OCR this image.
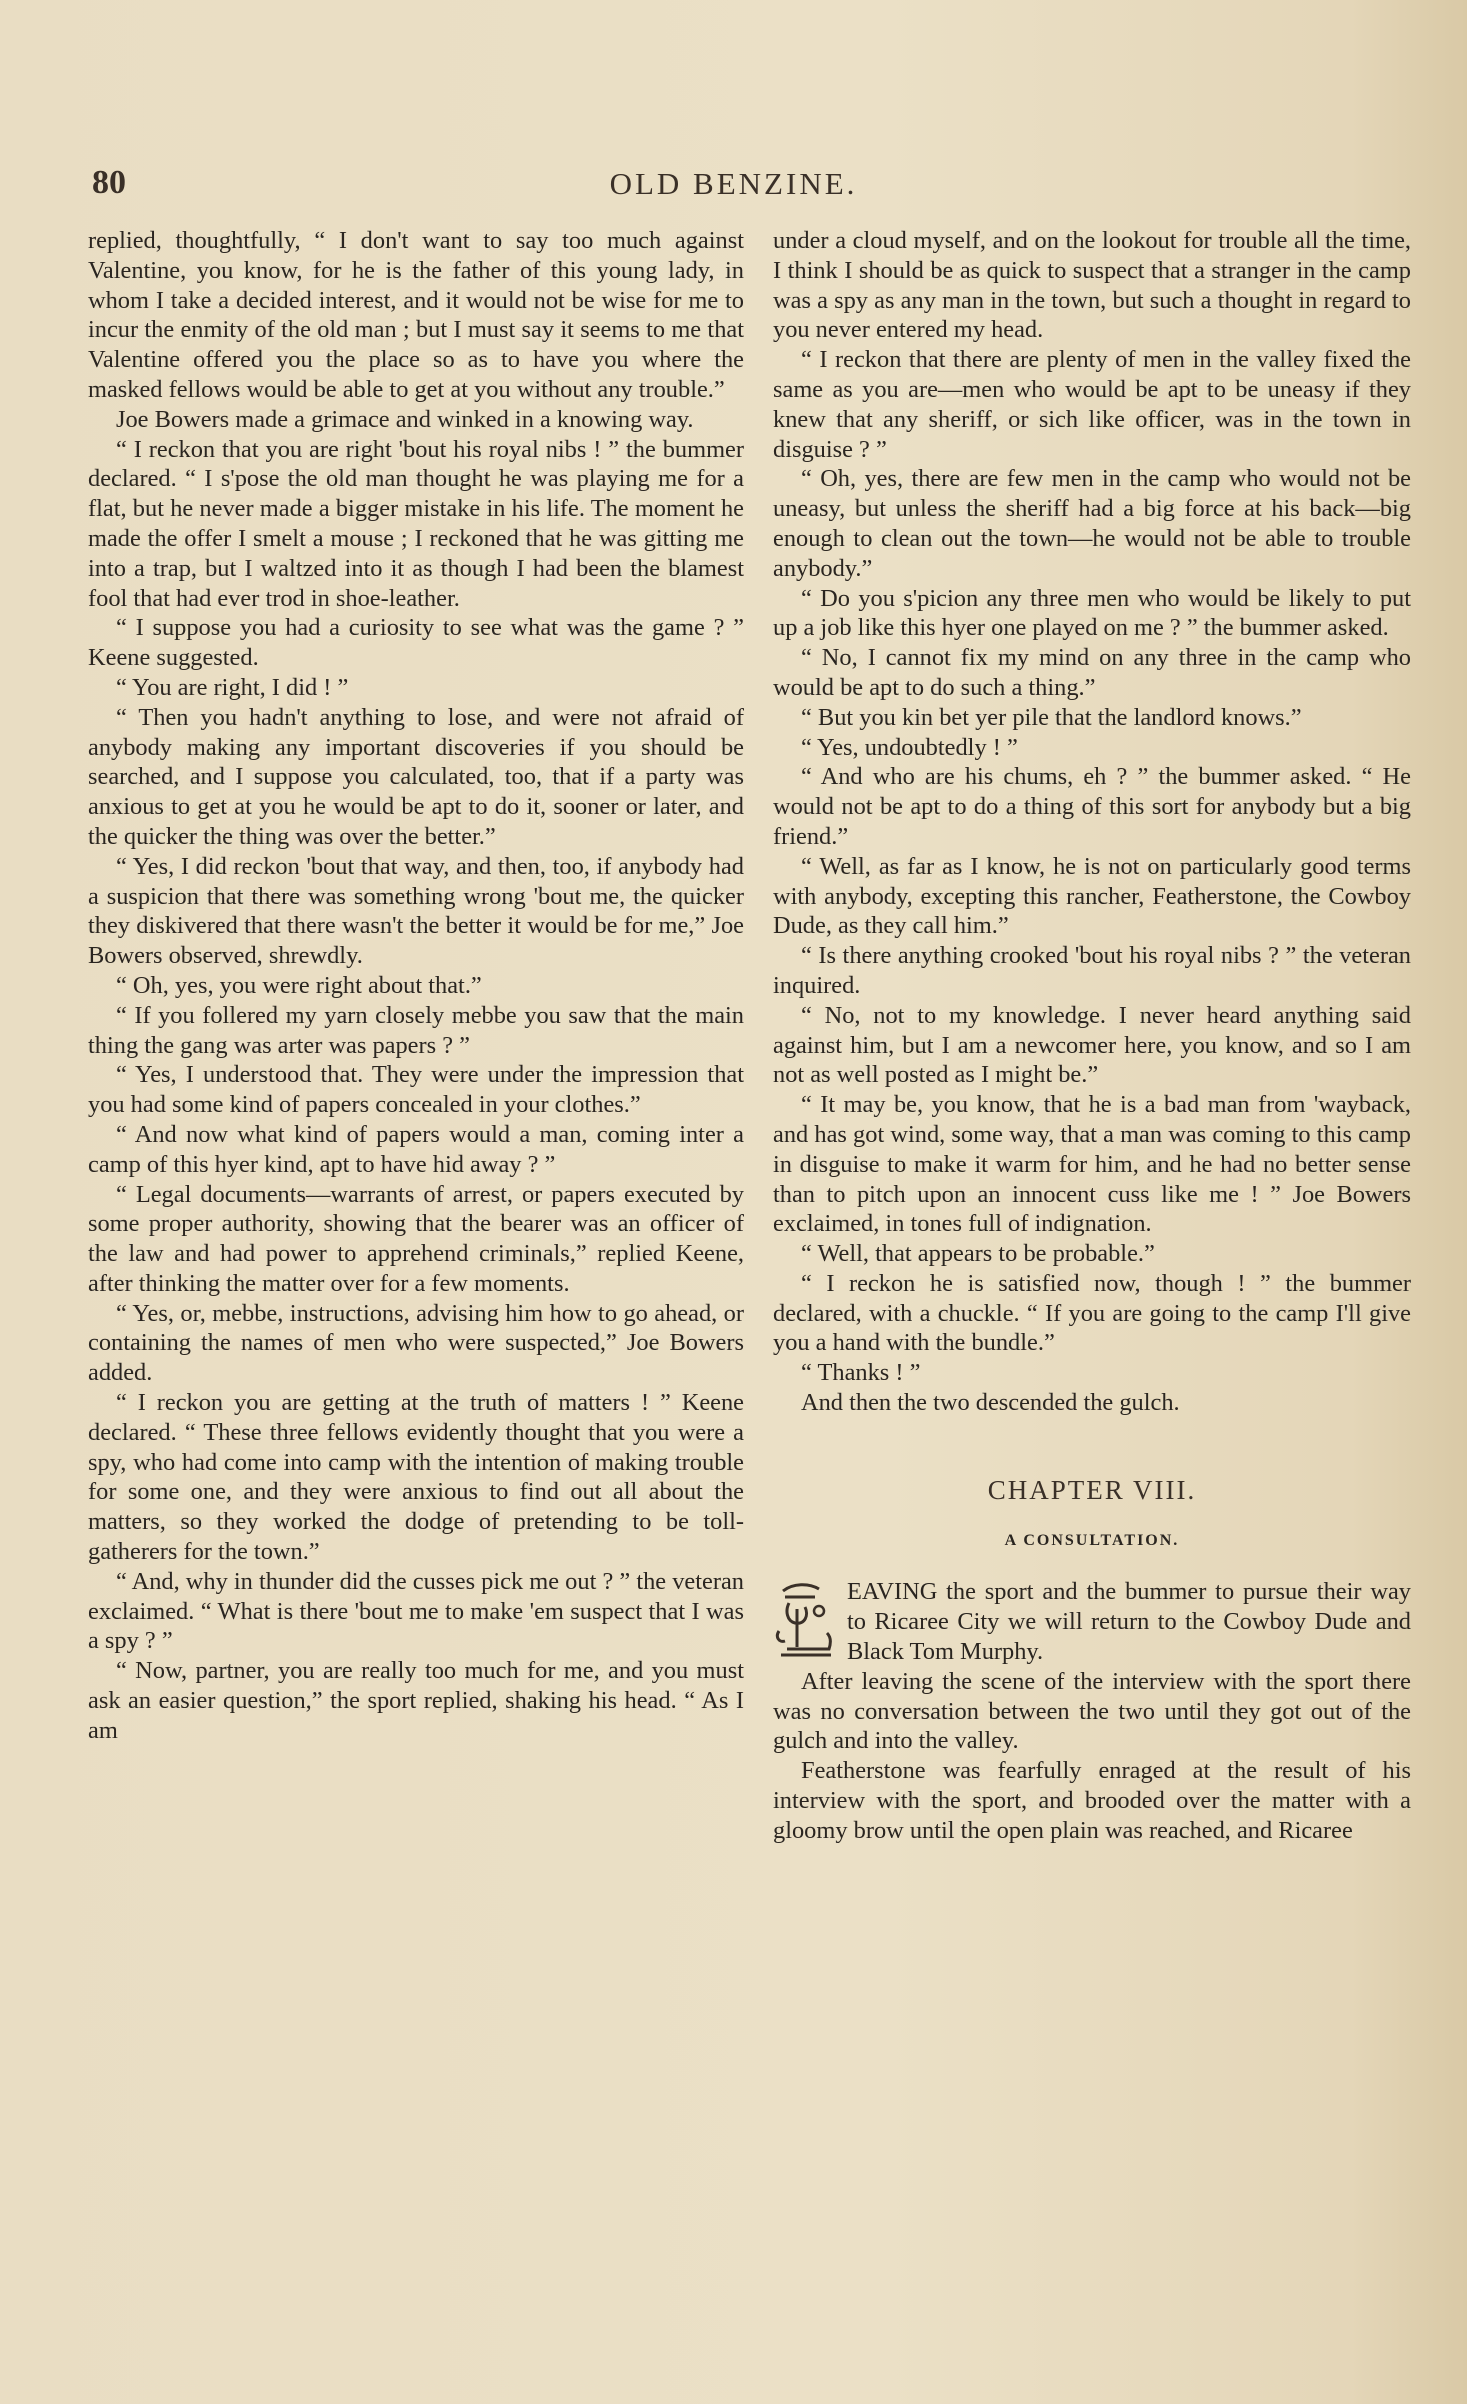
80	OLD BENZINE.

replied, thoughtfully, “ I don't want to say too much against Valentine, you know, for he is the father of this young lady, in whom I take a decided interest, and it would not be wise for me to incur the enmity of the old man ; but I must say it seems to me that Valentine offered you the place so as to have you where the masked fellows would be able to get at you without any trouble.”

Joe Bowers made a grimace and winked in a knowing way.

“ I reckon that you are right 'bout his royal nibs ! ” the bummer declared. “ I s'pose the old man thought he was playing me for a flat, but he never made a bigger mistake in his life. The moment he made the offer I smelt a mouse ; I reckoned that he was gitting me into a trap, but I waltzed into it as though I had been the blamest fool that had ever trod in shoe-leather.

“ I suppose you had a curiosity to see what was the game ? ” Keene suggested.

“ You are right, I did ! ”

“ Then you hadn't anything to lose, and were not afraid of anybody making any important discoveries if you should be searched, and I suppose you calculated, too, that if a party was anxious to get at you he would be apt to do it, sooner or later, and the quicker the thing was over the better.”

“ Yes, I did reckon 'bout that way, and then, too, if anybody had a suspicion that there was something wrong 'bout me, the quicker they diskivered that there wasn't the better it would be for me,” Joe Bowers observed, shrewdly.

“ Oh, yes, you were right about that.”

“ If you follered my yarn closely mebbe you saw that the main thing the gang was arter was papers ? ”

“ Yes, I understood that. They were under the impression that you had some kind of papers concealed in your clothes.”

“ And now what kind of papers would a man, coming inter a camp of this hyer kind, apt to have hid away ? ”

“ Legal documents—warrants of arrest, or papers executed by some proper authority, showing that the bearer was an officer of the law and had power to apprehend criminals,” replied Keene, after thinking the matter over for a few moments.

“ Yes, or, mebbe, instructions, advising him how to go ahead, or containing the names of men who were suspected,” Joe Bowers added.

“ I reckon you are getting at the truth of matters ! ” Keene declared. “ These three fellows evidently thought that you were a spy, who had come into camp with the intention of making trouble for some one, and they were anxious to find out all about the matters, so they worked the dodge of pretending to be toll-gatherers for the town.”

“ And, why in thunder did the cusses pick me out ? ” the veteran exclaimed. “ What is there 'bout me to make 'em suspect that I was a spy ? ”

“ Now, partner, you are really too much for me, and you must ask an easier question,” the sport replied, shaking his head. “ As I am

under a cloud myself, and on the lookout for trouble all the time, I think I should be as quick to suspect that a stranger in the camp was a spy as any man in the town, but such a thought in regard to you never entered my head.

“ I reckon that there are plenty of men in the valley fixed the same as you are—men who would be apt to be uneasy if they knew that any sheriff, or sich like officer, was in the town in disguise ? ”

“ Oh, yes, there are few men in the camp who would not be uneasy, but unless the sheriff had a big force at his back—big enough to clean out the town—he would not be able to trouble anybody.”

“ Do you s'picion any three men who would be likely to put up a job like this hyer one played on me ? ” the bummer asked.

“ No, I cannot fix my mind on any three in the camp who would be apt to do such a thing.”

“ But you kin bet yer pile that the landlord knows.”

“ Yes, undoubtedly ! ”

“ And who are his chums, eh ? ” the bummer asked. “ He would not be apt to do a thing of this sort for anybody but a big friend.”

“ Well, as far as I know, he is not on particularly good terms with anybody, excepting this rancher, Featherstone, the Cowboy Dude, as they call him.”

“ Is there anything crooked 'bout his royal nibs ? ” the veteran inquired.

“ No, not to my knowledge. I never heard anything said against him, but I am a newcomer here, you know, and so I am not as well posted as I might be.”

“ It may be, you know, that he is a bad man from 'wayback, and has got wind, some way, that a man was coming to this camp in disguise to make it warm for him, and he had no better sense than to pitch upon an innocent cuss like me ! ” Joe Bowers exclaimed, in tones full of indignation.

“ Well, that appears to be probable.”

“ I reckon he is satisfied now, though ! ” the bummer declared, with a chuckle. “ If you are going to the camp I'll give you a hand with the bundle.”

“ Thanks ! ”

And then the two descended the gulch.

CHAPTER VIII.
A CONSULTATION.

EAVING the sport and the bummer to pursue their way to Ricaree City we will return to the Cowboy Dude and Black Tom Murphy.

After leaving the scene of the interview with the sport there was no conversation between the two until they got out of the gulch and into the valley.

Featherstone was fearfully enraged at the result of his interview with the sport, and brooded over the matter with a gloomy brow until the open plain was reached, and Ricaree
